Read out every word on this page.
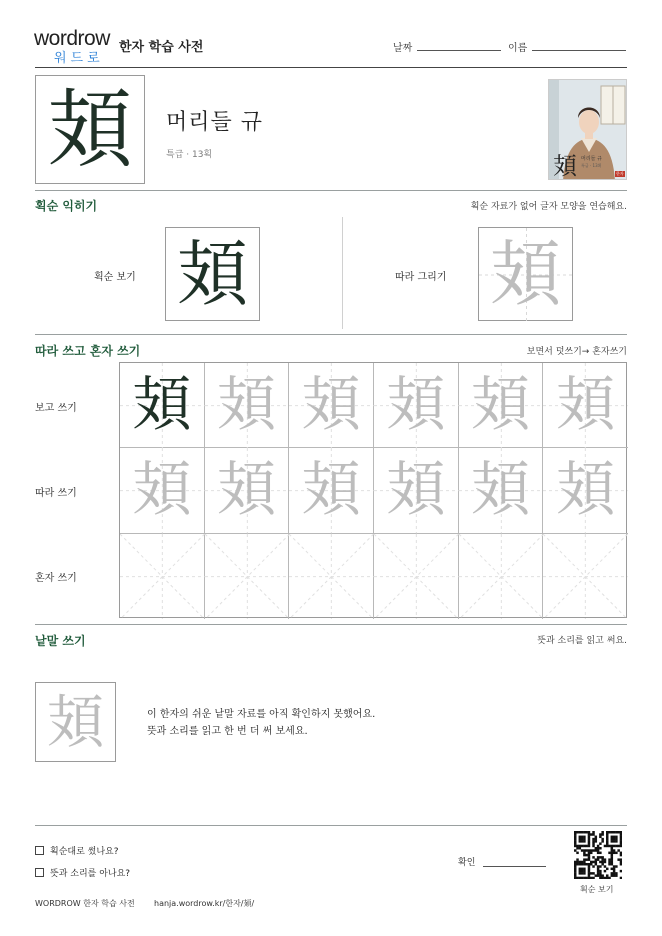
wordrow
워드로
한자 학습 사전	날짜	이름
頍	머리들 규
특급 · 13획	頍 머리들 규
특급 · 13획
한자
획순 익히기	획순 자료가 없어 글자 모양을 연습해요.
획순 보기 頍	따라 그리기 頍
따라 쓰고 혼자 쓰기	보면서 덧쓰기→ 혼자쓰기
보고 쓰기
따라 쓰기
혼자 쓰기
頍 頍 頍 頍 頍 頍
頍 頍 頍 頍 頍 頍
낱말 쓰기	뜻과 소리를 읽고 써요.
頍	이 한자의 쉬운 낱말 자료를 아직 확인하지 못했어요.
뜻과 소리를 읽고 한 번 더 써 보세요.
획순대로 썼나요?
뜻과 소리를 아나요?
확인
획순 보기
WORDROW 한자 학습 사전 hanja.wordrow.kr/한자/頍/
